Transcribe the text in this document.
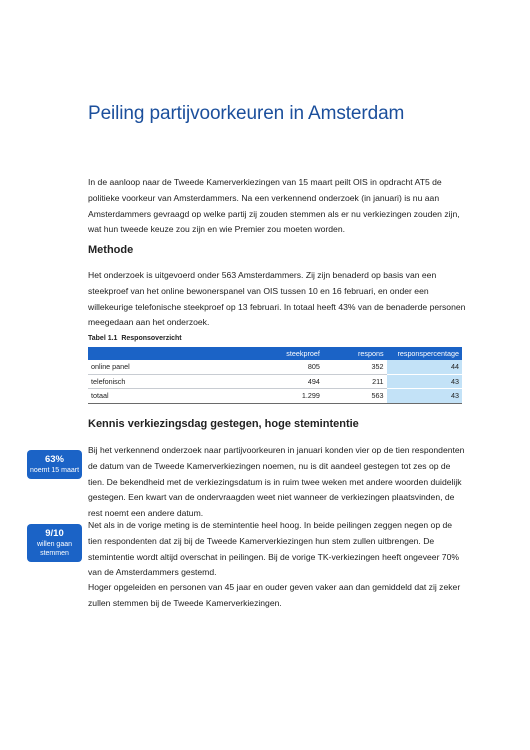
Peiling partijvoorkeuren in Amsterdam

In de aanloop naar de Tweede Kamerverkiezingen van 15 maart peilt OIS in opdracht AT5 de politieke voorkeur van Amsterdammers. Na een verkennend onderzoek (in januari) is nu aan Amsterdammers gevraagd op welke partij zij zouden stemmen als er nu verkiezingen zouden zijn, wat hun tweede keuze zou zijn en wie Premier zou moeten worden.

Methode

Het onderzoek is uitgevoerd onder 563 Amsterdammers. Zij zijn benaderd op basis van een steekproef van het online bewonerspanel van OIS tussen 10 en 16 februari, en onder een willekeurige telefonische steekproef op 13 februari. In totaal heeft 43% van de benaderde personen meegedaan aan het onderzoek.

Tabel 1.1 Responsoverzicht
	steekproef	respons	responspercentage
online panel	805	352	44
telefonisch	494	211	43
totaal	1.299	563	43
Kennis verkiezingsdag gestegen, hoge stemintentie
63%
noemt 15 maart

Bij het verkennend onderzoek naar partijvoorkeuren in januari konden vier op de tien respondenten de datum van de Tweede Kamerverkiezingen noemen, nu is dit aandeel gestegen tot zes op de tien. De bekendheid met de verkiezingsdatum is in ruim twee weken met andere woorden duidelijk gestegen. Een kwart van de ondervraagden weet niet wanneer de verkiezingen plaatsvinden, de rest noemt een andere datum.

9/10
willen gaan stemmen

Net als in de vorige meting is de stemintentie heel hoog. In beide peilingen zeggen negen op de tien respondenten dat zij bij de Tweede Kamerverkiezingen hun stem zullen uitbrengen. De stemintentie wordt altijd overschat in peilingen. Bij de vorige TK-verkiezingen heeft ongeveer 70% van de Amsterdammers gestemd.

Hoger opgeleiden en personen van 45 jaar en ouder geven vaker aan dan gemiddeld dat zij zeker zullen stemmen bij de Tweede Kamerverkiezingen.
